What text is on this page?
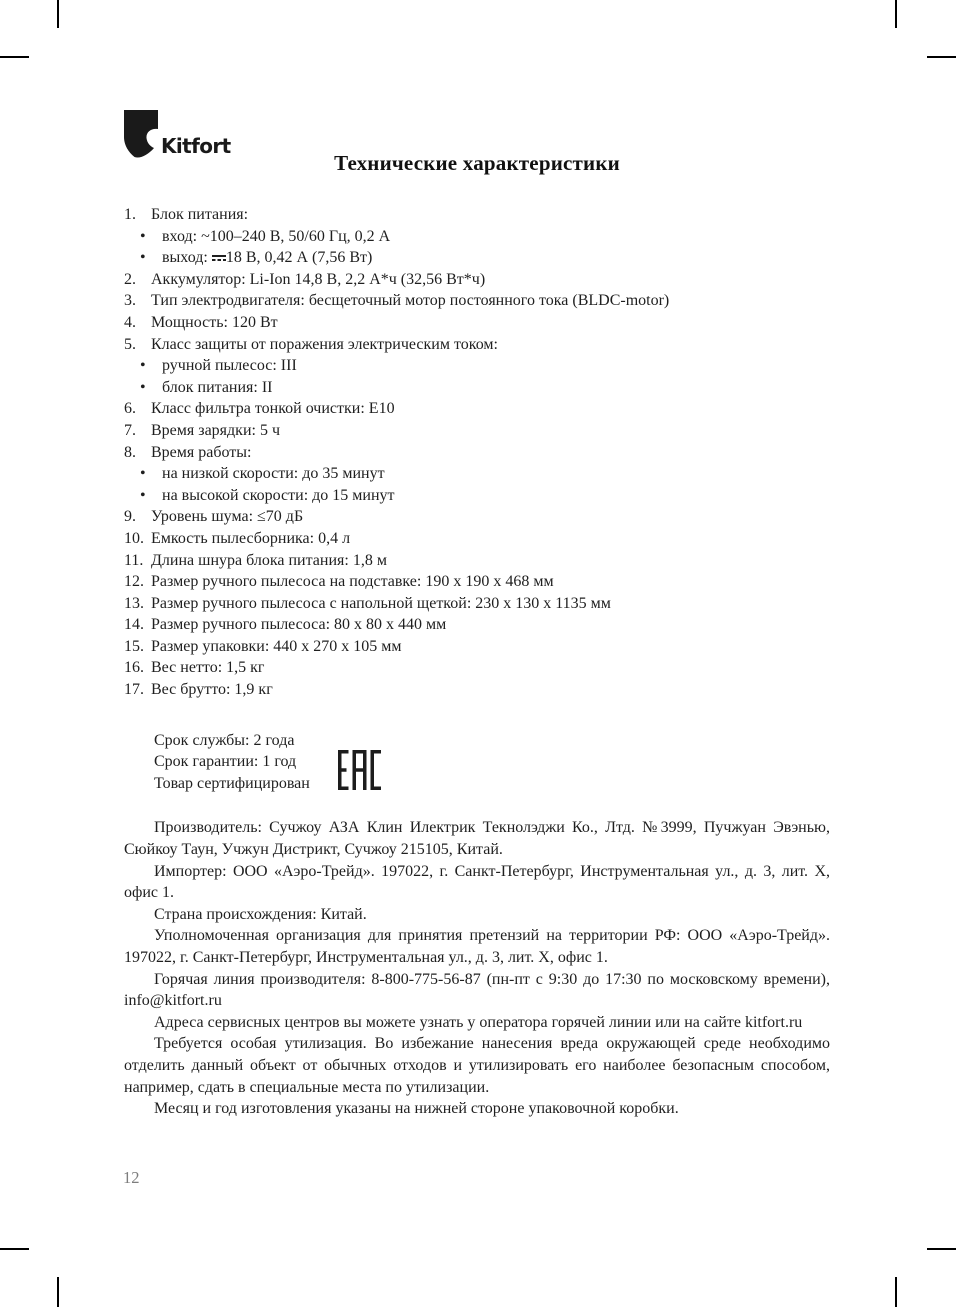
Kitfort
Технические характеристики
1. Блок питания:
•	вход: ~100–240 В, 50/60 Гц, 0,2 А
•	выход: 18 В, 0,42 А (7,56 Вт)
2. Аккумулятор: Li-Ion 14,8 В, 2,2 А*ч (32,56 Вт*ч)
3. Тип электродвигателя: бесщеточный мотор постоянного тока (BLDC-motor)
4. Мощность: 120 Вт
5. Класс защиты от поражения электрическим током:
•	ручной пылесос: III
•	блок питания: II
6. Класс фильтра тонкой очистки: E10
7. Время зарядки: 5 ч
8. Время работы:
•	на низкой скорости: до 35 минут
•	на высокой скорости: до 15 минут
9. Уровень шума: ≤70 дБ
10. Емкость пылесборника: 0,4 л
11. Длина шнура блока питания: 1,8 м
12. Размер ручного пылесоса на подставке: 190 х 190 х 468 мм
13. Размер ручного пылесоса с напольной щеткой: 230 х 130 х 1135 мм
14. Размер ручного пылесоса: 80 х 80 х 440 мм
15. Размер упаковки: 440 х 270 х 105 мм
16. Вес нетто: 1,5 кг
17. Вес брутто: 1,9 кг
Срок службы: 2 года
Срок гарантии: 1 год
Товар сертифицирован

Производитель: Сучжоу АЗА Клин Илектрик Текнолэджи Ко., Лтд. №3999, Пучжуан Эвэнью, Сюйкоу Таун, Учжун Дистрикт, Сучжоу 215105, Китай.

Импортер: ООО «Аэро-Трейд». 197022, г. Санкт-Петербург, Инструментальная ул., д. 3, лит. Х, офис 1.

Страна происхождения: Китай.

Уполномоченная организация для принятия претензий на территории РФ: ООО «Аэро-Трейд». 197022, г. Санкт-Петербург, Инструментальная ул., д. 3, лит. Х, офис 1.

Горячая линия производителя: 8-800-775-56-87 (пн-пт с 9:30 до 17:30 по московскому времени), info@kitfort.ru

Адреса сервисных центров вы можете узнать у оператора горячей линии или на сайте kitfort.ru

Требуется особая утилизация. Во избежание нанесения вреда окружающей среде необходимо отделить данный объект от обычных отходов и утилизировать его наиболее безопасным способом, например, сдать в специальные места по утилизации.

Месяц и год изготовления указаны на нижней стороне упаковочной коробки.

12
